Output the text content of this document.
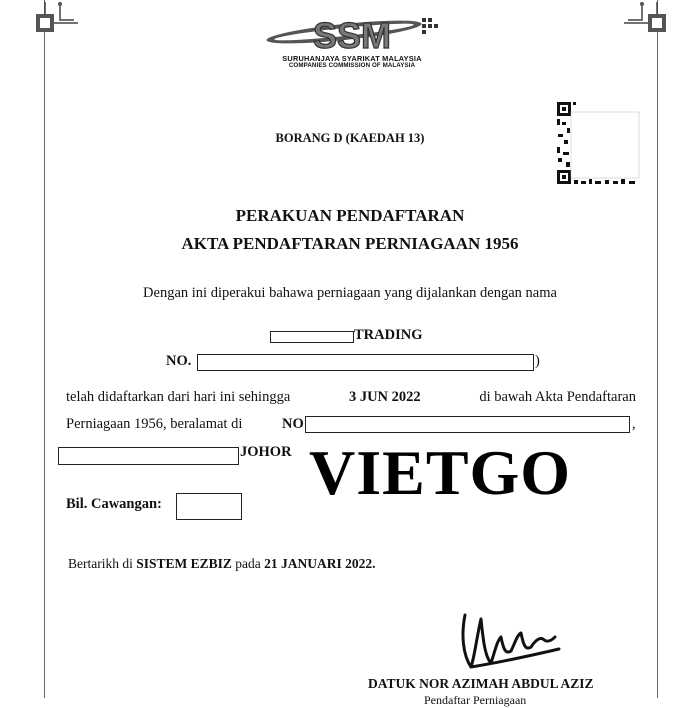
SSM
SURUHANJAYA SYARIKAT MALAYSIA
COMPANIES COMMISSION OF MALAYSIA
BORANG D (KAEDAH 13)
PERAKUAN PENDAFTARAN
AKTA PENDAFTARAN PERNIAGAAN 1956
Dengan ini diperakui bahawa perniagaan yang dijalankan dengan nama
TRADING
NO.	)
telah didaftarkan dari hari ini sehingga	3 JUN 2022	di bawah Akta Pendaftaran
Perniagaan 1956, beralamat di	NO	,
JOHOR VIETGO
Bil. Cawangan:
Bertarikh di SISTEM EZBIZ pada 21 JANUARI 2022.
DATUK NOR AZIMAH ABDUL AZIZ
Pendaftar Perniagaan
